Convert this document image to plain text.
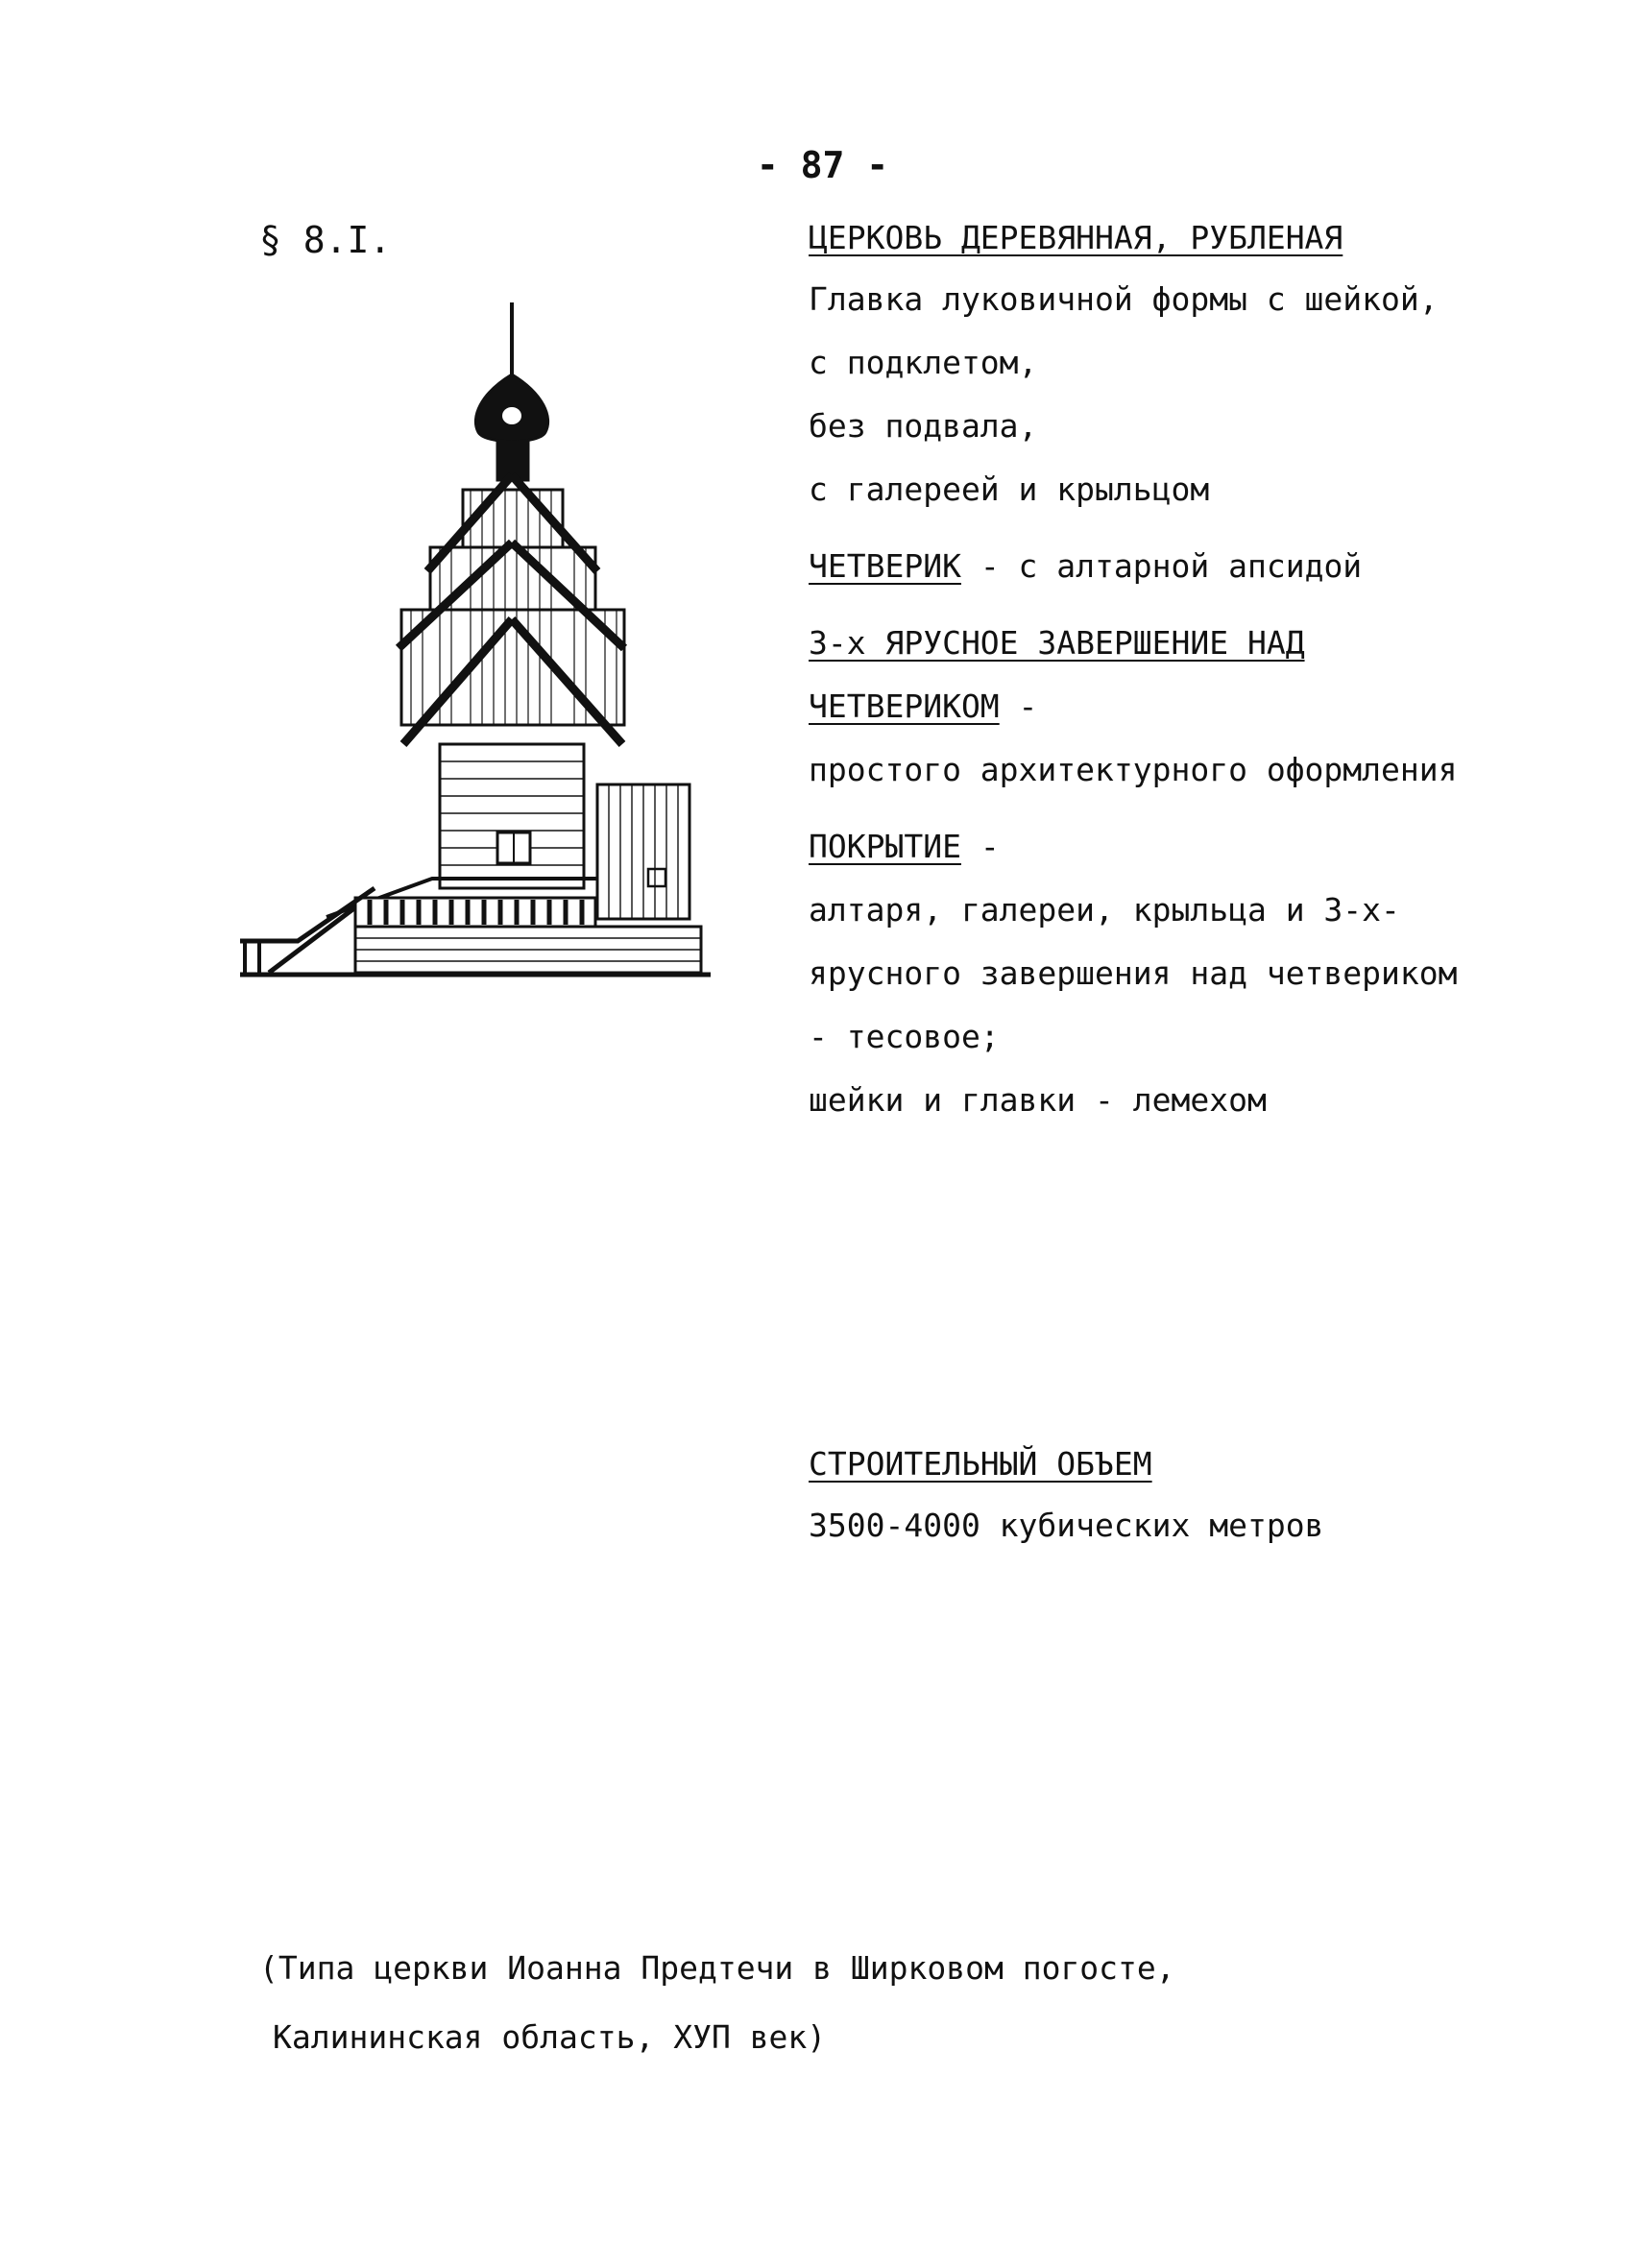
- 87 -
§ 8.I.	ЦЕРКОВЬ ДЕРЕВЯННАЯ, РУБЛЕНАЯ
Главка луковичной формы с шейкой,
с подклетом,
без подвала,
с галереей и крыльцом
ЧЕТВЕРИК - с алтарной апсидой
3-х ЯРУСНОЕ ЗАВЕРШЕНИЕ НАД
ЧЕТВЕРИКОМ -
простого архитектурного оформления
ПОКРЫТИЕ -
алтаря, галереи, крыльца и 3-х-
ярусного завершения над четвериком
- тесовое;
шейки и главки - лемехом
СТРОИТЕЛЬНЫЙ ОБЪЕМ
3500-4000 кубических метров
(Типа церкви Иоанна Предтечи в Ширковом погосте,
Калининская область, ХУП век)
